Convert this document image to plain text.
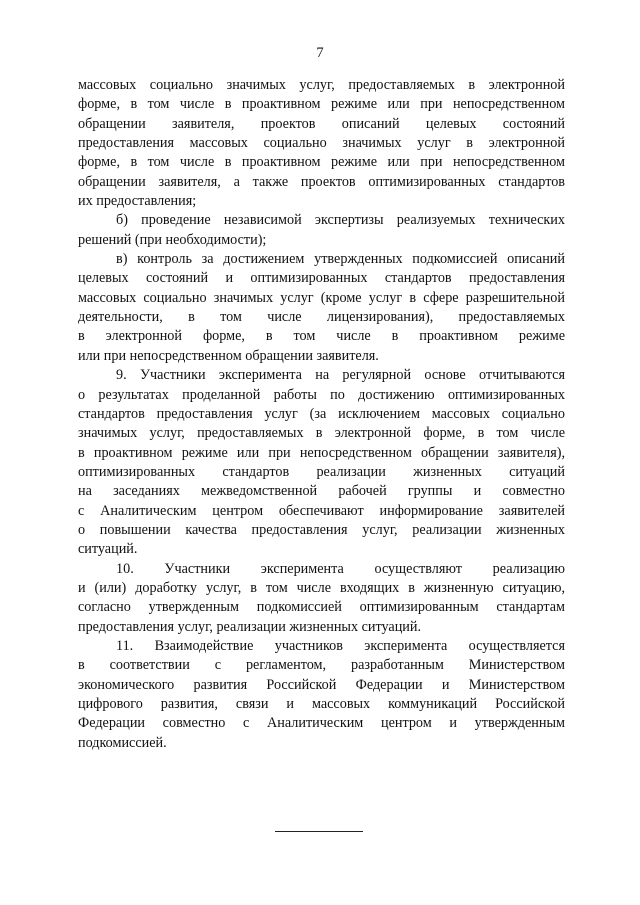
7
массовых социально значимых услуг, предоставляемых в электронной
форме, в том числе в проактивном режиме или при непосредственном
обращении заявителя, проектов описаний целевых состояний
предоставления массовых социально значимых услуг в электронной
форме, в том числе в проактивном режиме или при непосредственном
обращении заявителя, а также проектов оптимизированных стандартов
их предоставления;
б) проведение независимой экспертизы реализуемых технических
решений (при необходимости);
в) контроль за достижением утвержденных подкомиссией описаний
целевых состояний и оптимизированных стандартов предоставления
массовых социально значимых услуг (кроме услуг в сфере разрешительной
деятельности, в том числе лицензирования), предоставляемых
в электронной форме, в том числе в проактивном режиме
или при непосредственном обращении заявителя.
9. Участники эксперимента на регулярной основе отчитываются
о результатах проделанной работы по достижению оптимизированных
стандартов предоставления услуг (за исключением массовых социально
значимых услуг, предоставляемых в электронной форме, в том числе
в проактивном режиме или при непосредственном обращении заявителя),
оптимизированных стандартов реализации жизненных ситуаций
на заседаниях межведомственной рабочей группы и совместно
с Аналитическим центром обеспечивают информирование заявителей
о повышении качества предоставления услуг, реализации жизненных
ситуаций.
10. Участники эксперимента осуществляют реализацию
и (или) доработку услуг, в том числе входящих в жизненную ситуацию,
согласно утвержденным подкомиссией оптимизированным стандартам
предоставления услуг, реализации жизненных ситуаций.
11. Взаимодействие участников эксперимента осуществляется
в соответствии с регламентом, разработанным Министерством
экономического развития Российской Федерации и Министерством
цифрового развития, связи и массовых коммуникаций Российской
Федерации совместно с Аналитическим центром и утвержденным
подкомиссией.
